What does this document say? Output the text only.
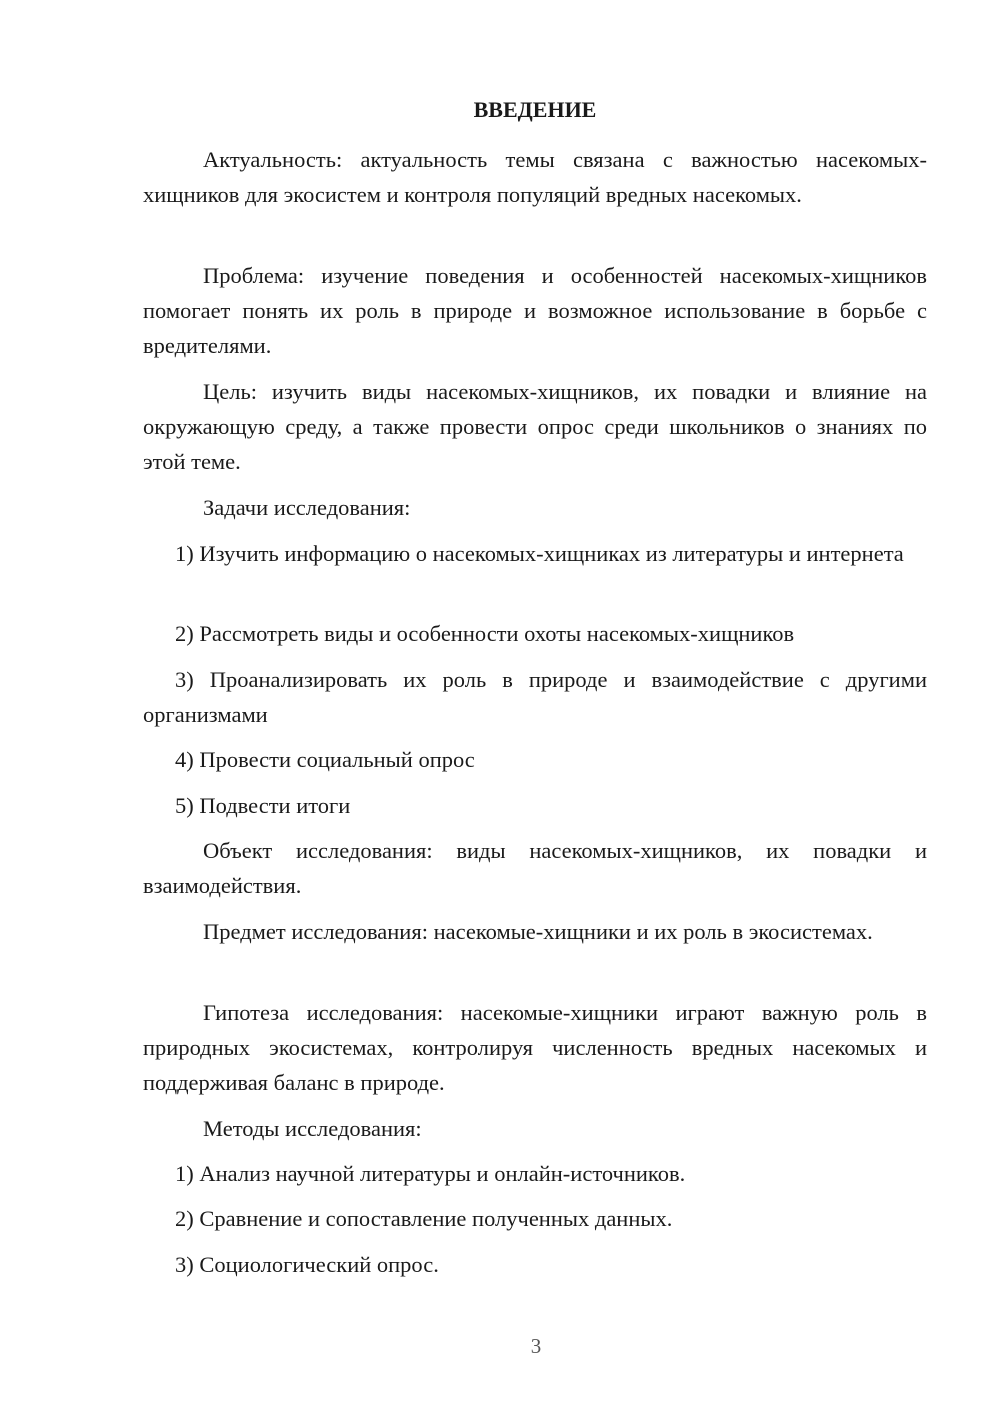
ВВЕДЕНИЕ

Актуальность: актуальность темы связана с важностью насекомых-хищников для экосистем и контроля популяций вредных насекомых.

Проблема: изучение поведения и особенностей насекомых-хищников помогает понять их роль в природе и возможное использование в борьбе с вредителями.

Цель: изучить виды насекомых-хищников, их повадки и влияние на окружающую среду, а также провести опрос среди школьников о знаниях по этой теме.

Задачи исследования:

1) Изучить информацию о насекомых-хищниках из литературы и интернета

2) Рассмотреть виды и особенности охоты насекомых-хищников

3) Проанализировать их роль в природе и взаимодействие с другими организмами

4) Провести социальный опрос

5) Подвести итоги

Объект исследования: виды насекомых-хищников, их повадки и взаимодействия.

Предмет исследования: насекомые-хищники и их роль в экосистемах.

Гипотеза исследования: насекомые-хищники играют важную роль в природных экосистемах, контролируя численность вредных насекомых и поддерживая баланс в природе.

Методы исследования:

1) Анализ научной литературы и онлайн-источников.

2) Сравнение и сопоставление полученных данных.

3) Социологический опрос.

3
